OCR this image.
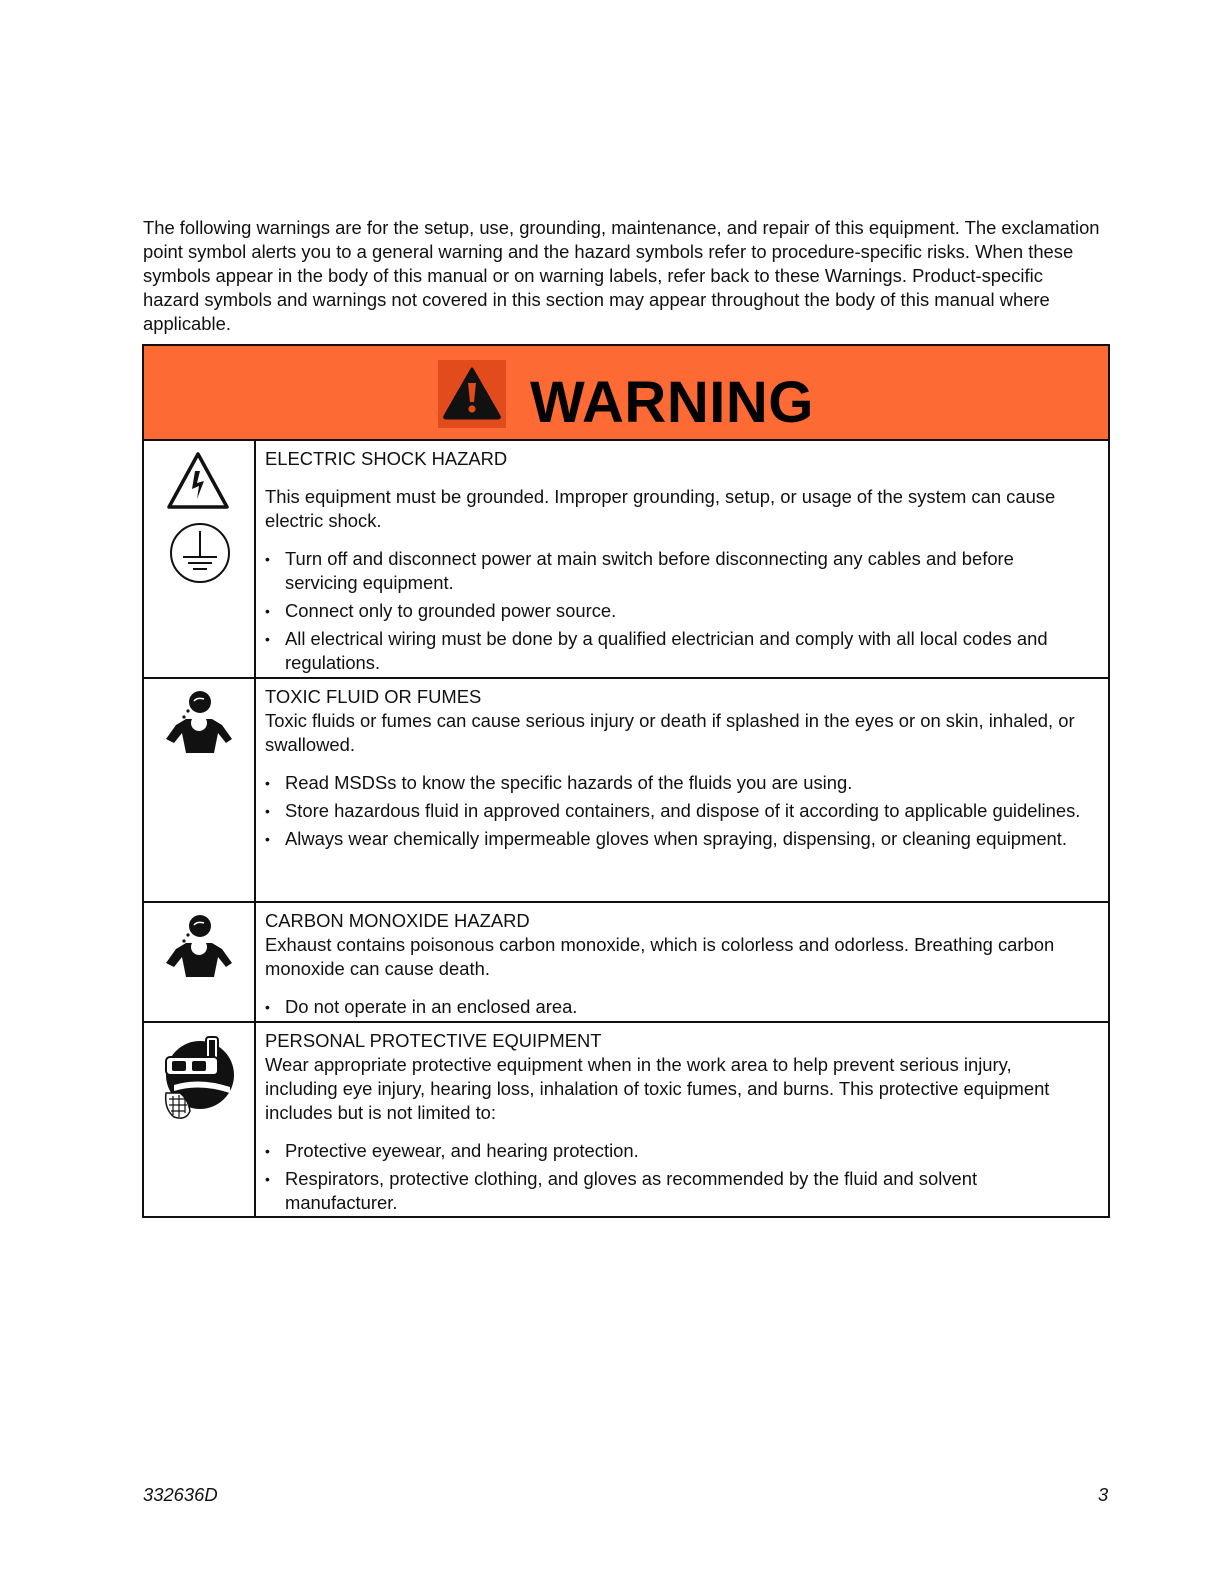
The following warnings are for the setup, use, grounding, maintenance, and repair of this equipment. The exclamation point symbol alerts you to a general warning and the hazard symbols refer to procedure-specific risks. When these symbols appear in the body of this manual or on warning labels, refer back to these Warnings. Product-specific hazard symbols and warnings not covered in this section may appear throughout the body of this manual where applicable.

WARNING

ELECTRIC SHOCK HAZARD

This equipment must be grounded. Improper grounding, setup, or usage of the system can cause electric shock.

• Turn off and disconnect power at main switch before disconnecting any cables and before servicing equipment.
• Connect only to grounded power source.
• All electrical wiring must be done by a qualified electrician and comply with all local codes and regulations.

TOXIC FLUID OR FUMES

Toxic fluids or fumes can cause serious injury or death if splashed in the eyes or on skin, inhaled, or swallowed.

• Read MSDSs to know the specific hazards of the fluids you are using.
• Store hazardous fluid in approved containers, and dispose of it according to applicable guidelines.
• Always wear chemically impermeable gloves when spraying, dispensing, or cleaning equipment.

CARBON MONOXIDE HAZARD

Exhaust contains poisonous carbon monoxide, which is colorless and odorless. Breathing carbon monoxide can cause death.

• Do not operate in an enclosed area.

PERSONAL PROTECTIVE EQUIPMENT

Wear appropriate protective equipment when in the work area to help prevent serious injury, including eye injury, hearing loss, inhalation of toxic fumes, and burns. This protective equipment includes but is not limited to:

• Protective eyewear, and hearing protection.
• Respirators, protective clothing, and gloves as recommended by the fluid and solvent manufacturer.
332636D	3
